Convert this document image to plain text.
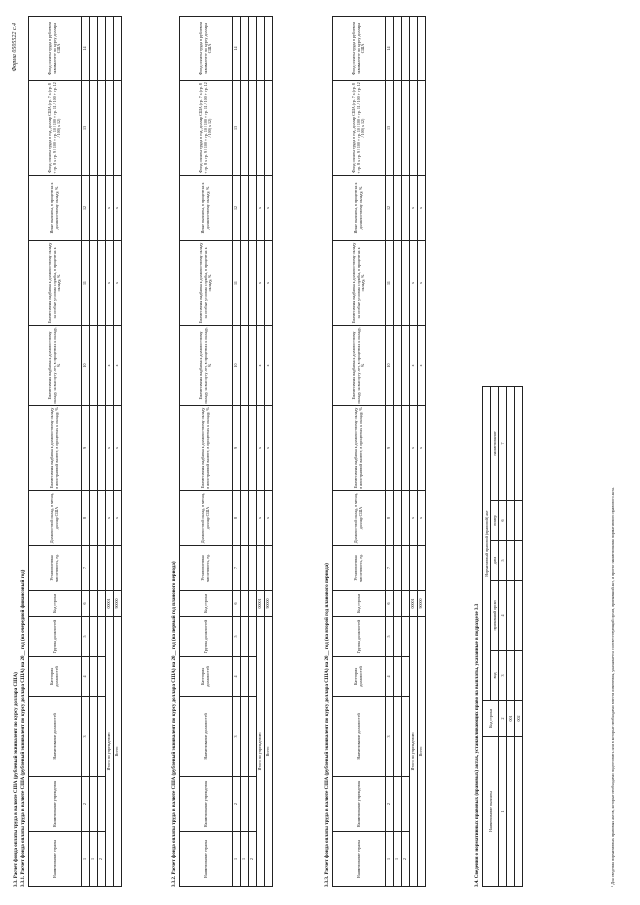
Форма 0505522 с.4
3.3. Расчет фонда оплаты труда в валюте США (рублевый эквивалент по курсу доллара США) 3.3.1. Расчет фонда оплаты труда в валюте США (рублевый эквивалент по курсу доллара США) на 20__ год (на очередной финансовый год)	Наименование страны	Наименование учреждения	Наименование должностей	Категория должностей	Группа должностей	Код строки	Установленная численность, ед.	Должностной оклад, в месяц, доллар США	Ежемесячная надбавка к должностному окладу в иностранной валюте, в процентах к окладу, %	Ежемесячная надбавка к должностному окладу за выслугу лет, в процентах к окладу, %	Ежемесячная надбавка к должностному окладу за особые условия службы, в процентах к окладу, %	Иные выплаты, в процентах к должностному окладу, %	Фонд оплаты труда в год, доллар США (гр. 7 x (гр. 8 + гр. 8 x гр. 9 / 100 + гр. 10 / 100 + гр. 11 / 100 + гр. 12 / 100) x 12)	Фонд оплаты труда в рублевом эквиваленте по курсу доллара США
1	2	3	4	5	6	7	8	9	10	11	12	13	14
1													
2													
Итого по учреждению					00001		x	x	x	x	x		
Всего					90000		x	x	x	x	x		
3.3.2. Расчет фонда оплаты труда в валюте США (рублевый эквивалент по курсу доллара США) на 20__ год (на первый год планового периода)	Наименование страны	Наименование учреждения	Наименование должностей	Категория должностей	Группа должностей	Код строки	Установленная численность, ед.	Должностной оклад, в месяц, доллар США	Ежемесячная надбавка к должностному окладу в иностранной валюте, в процентах к окладу, %	Ежемесячная надбавка к должностному окладу за выслугу лет, в процентах к окладу, %	Ежемесячная надбавка к должностному окладу за особые условия службы, в процентах к окладу, %	Иные выплаты, в процентах к должностному окладу, %	Фонд оплаты труда в год, доллар США (гр. 7 x (гр. 8 + гр. 8 x гр. 9 / 100 + гр. 10 / 100 + гр. 11 / 100 + гр. 12 / 100) x 12)	Фонд оплаты труда в рублевом эквиваленте по курсу доллара США
1	2	3	4	5	6	7	8	9	10	11	12	13	14
1													
2													
Итого по учреждению					00001		x	x	x	x	x		
Всего					90000		x	x	x	x	x		
3.3.3. Расчет фонда оплаты труда в валюте США (рублевый эквивалент по курсу доллара США) на 20__ год (на второй год планового периода)	Наименование страны	Наименование учреждения	Наименование должностей	Категория должностей	Группа должностей	Код строки	Установленная численность, ед.	Должностной оклад, в месяц, доллар США	Ежемесячная надбавка к должностному окладу в иностранной валюте, в процентах к окладу, %	Ежемесячная надбавка к должностному окладу за выслугу лет, в процентах к окладу, %	Ежемесячная надбавка к должностному окладу за особые условия службы, в процентах к окладу, %	Иные выплаты, в процентах к должностному окладу, %	Фонд оплаты труда в год, доллар США (гр. 7 x (гр. 8 + гр. 8 x гр. 9 / 100 + гр. 10 / 100 + гр. 11 / 100 + гр. 12 / 100) x 12)	Фонд оплаты труда в рублевом эквиваленте по курсу доллара США
1	2	3	4	5	6	7	8	9	10	11	12	13	14
1													
2													
Итого по учреждению					00001		x	x	x	x	x		
Всего					90000		x	x	x	x	x		
3.4. Сведения о нормативных правовых (правовых) актах, устанавливающих право на выплаты, указанные в подразделе 3.3 Наименование выплаты	Код строки	Нормативный правовой (правовой) акт				
		вид	принявший орган	дата	номер	наименование
1	2	3	4	5	6	7
	001					
	002						¹ Для сведения нормативных правовых актов, которые необходимо подготовить или в которые необходимо внести изменения, указывается соответствующий орган, принявший акт, и проект наименования нормативного правового акта.
